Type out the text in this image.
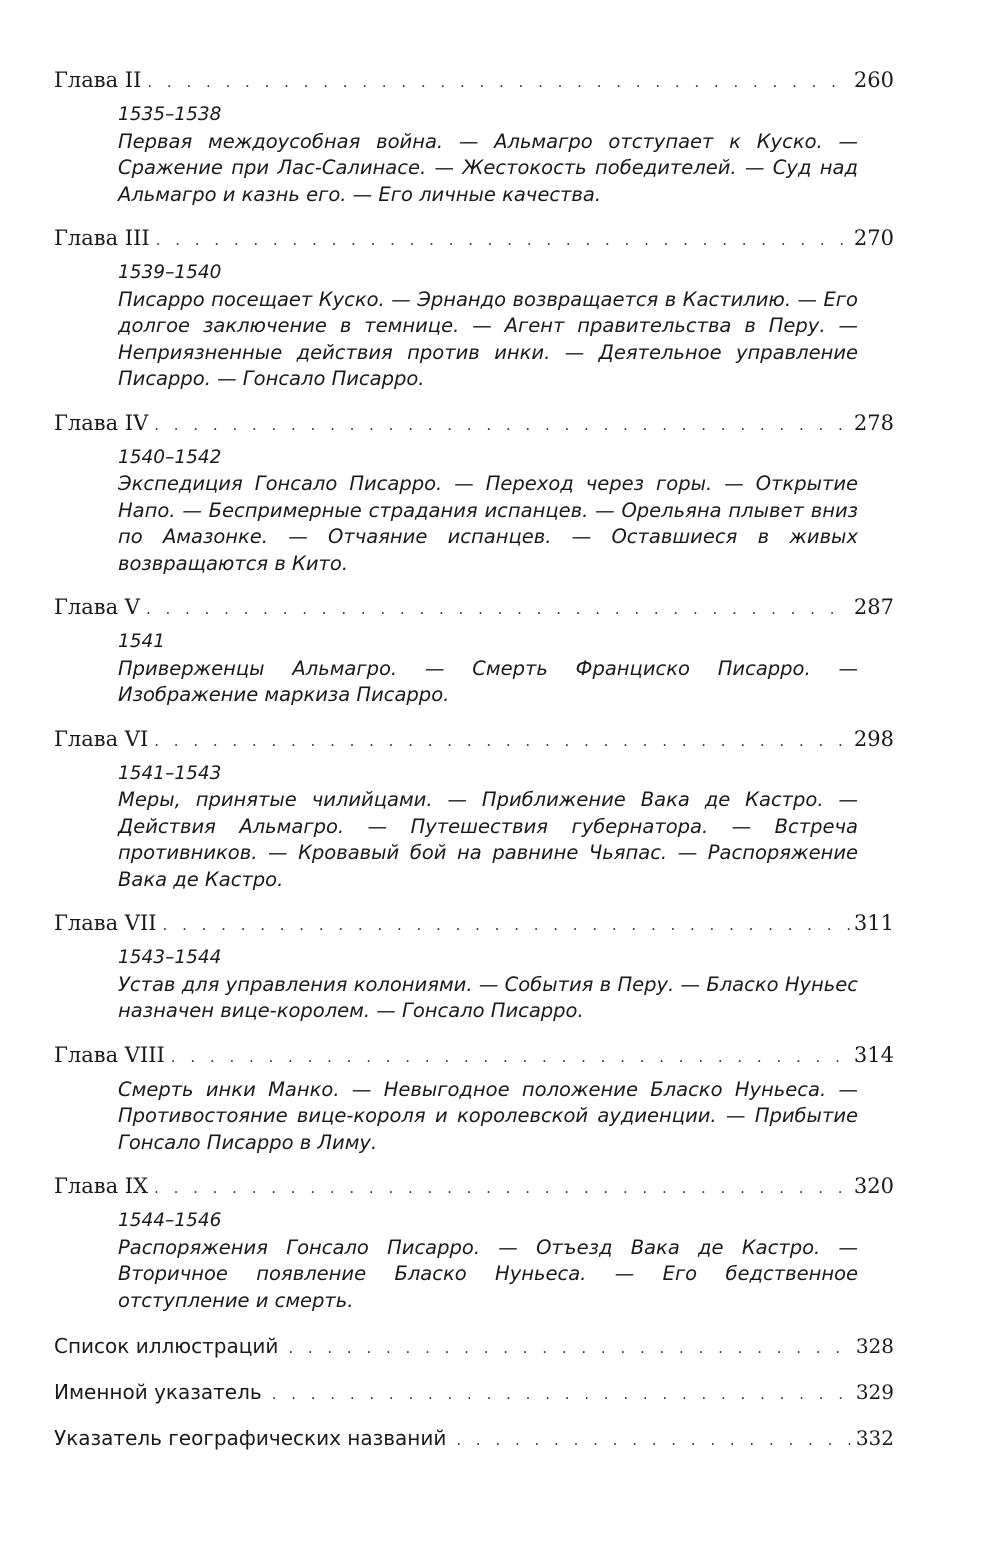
Глава II . . .	260
1535–1538
Первая междоусобная война. — Альмагро отступает к Куско. — Сражение при Лас-Салинасе. — Жестокость победителей. — Суд над Альмагро и казнь его. — Его личные качества.
Глава III . . .	270
1539–1540
Писарро посещает Куско. — Эрнандо возвращается в Кастилию. — Его долгое заключение в темнице. — Агент правительства в Перу. — Неприязненные действия против инки. — Деятельное управление Писарро. — Гонсало Писарро.
Глава IV . . .	278
1540–1542
Экспедиция Гонсало Писарро. — Переход через горы. — Открытие Напо. — Беспримерные страдания испанцев. — Орельяна плывет вниз по Амазонке. — Отчаяние испанцев. — Оставшиеся в живых возвращаются в Кито.
Глава V . . .	287
1541
Приверженцы Альмагро. — Смерть Франциско Писарро. — Изображение маркиза Писарро.
Глава VI . . .	298
1541–1543
Меры, принятые чилийцами. — Приближение Вака де Кастро. — Действия Альмагро. — Путешествия губернатора. — Встреча противников. — Кровавый бой на равнине Чьяпас. — Распоряжение Вака де Кастро.
Глава VII . . .	311
1543–1544
Устав для управления колониями. — События в Перу. — Бласко Нуньес назначен вице-королем. — Гонсало Писарро.
Глава VIII . . .	314
Смерть инки Манко. — Невыгодное положение Бласко Нуньеса. — Противостояние вице-короля и королевской аудиенции. — Прибытие Гонсало Писарро в Лиму.
Глава IX . . .	320
1544–1546
Распоряжения Гонсало Писарро. — Отъезд Вака де Кастро. — Вторичное появление Бласко Нуньеса. — Его бедственное отступление и смерть.
Список иллюстраций . . .	328
Именной указатель . . .	329
Указатель географических названий . . .	332
